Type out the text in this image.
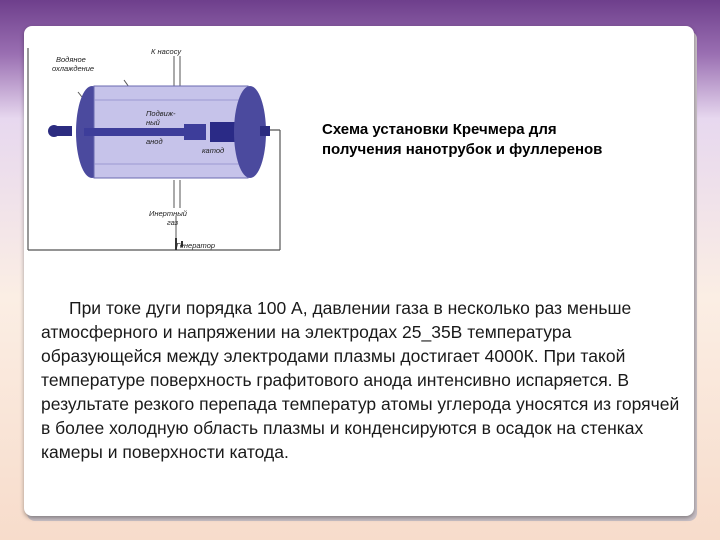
К насосу
Водяное
охлаждение
Подвиж-
ный
анод
катод
Инертный
газ
Генератор
Схема установки Кречмера для
получения нанотрубок и фуллеренов

При токе дуги порядка 100 А, давлении газа в несколько раз меньше атмосферного и напряжении на электродах 25_35В температура образующейся между электродами плазмы достигает 4000К. При такой температуре поверхность графитового анода интенсивно испаряется. В результате резкого перепада температур атомы углерода уносятся из горячей в более холодную область плазмы и конденсируются в осадок на стенках камеры и поверхности катода.
